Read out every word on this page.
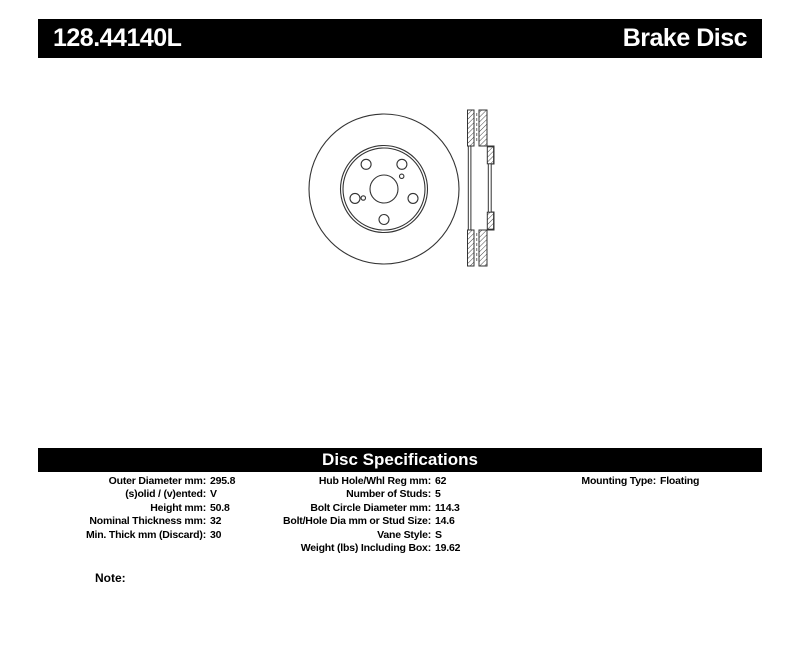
128.44140L	Brake Disc
Disc Specifications
Outer Diameter mm: 295.8
(s)olid / (v)ented: V
Height mm: 50.8
Nominal Thickness mm: 32
Min. Thick mm (Discard): 30
Hub Hole/Whl Reg mm: 62
Number of Studs: 5
Bolt Circle Diameter mm: 114.3
Bolt/Hole Dia mm or Stud Size: 14.6
Vane Style: S
Weight (lbs) Including Box: 19.62
Mounting Type: Floating
Note:
